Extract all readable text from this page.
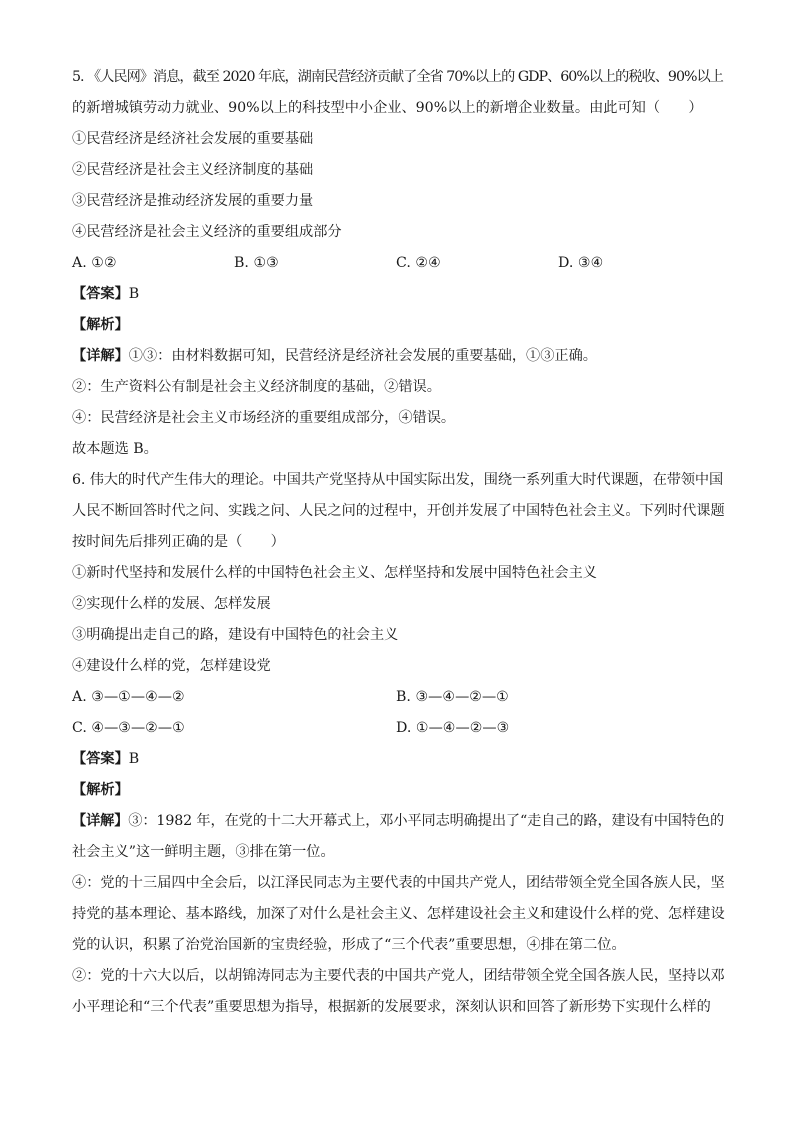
5. 《人民网》消息，截至 2020 年底，湖南民营经济贡献了全省 70%以上的 GDP、60%以上的税收、90%以上
的新增城镇劳动力就业、90%以上的科技型中小企业、90%以上的新增企业数量。由此可知（　　）
①民营经济是经济社会发展的重要基础
②民营经济是社会主义经济制度的基础
③民营经济是推动经济发展的重要力量
④民营经济是社会主义经济的重要组成部分
A. ①②	B. ①③	C. ②④	D. ③④
【答案】B
【解析】
【详解】①③：由材料数据可知，民营经济是经济社会发展的重要基础，①③正确。
②：生产资料公有制是社会主义经济制度的基础，②错误。
④：民营经济是社会主义市场经济的重要组成部分，④错误。
故本题选 B。
6. 伟大的时代产生伟大的理论。中国共产党坚持从中国实际出发，围绕一系列重大时代课题，在带领中国
人民不断回答时代之问、实践之问、人民之问的过程中，开创并发展了中国特色社会主义。下列时代课题
按时间先后排列正确的是（　　）
①新时代坚持和发展什么样的中国特色社会主义、怎样坚持和发展中国特色社会主义
②实现什么样的发展、怎样发展
③明确提出走自己的路，建设有中国特色的社会主义
④建设什么样的党，怎样建设党
A. ③—①—④—②	B. ③—④—②—①
C. ④—③—②—①	D. ①—④—②—③
【答案】B
【解析】
【详解】③：1982 年，在党的十二大开幕式上，邓小平同志明确提出了“走自己的路，建设有中国特色的
社会主义”这一鲜明主题，③排在第一位。
④：党的十三届四中全会后，以江泽民同志为主要代表的中国共产党人，团结带领全党全国各族人民，坚
持党的基本理论、基本路线，加深了对什么是社会主义、怎样建设社会主义和建设什么样的党、怎样建设
党的认识，积累了治党治国新的宝贵经验，形成了“三个代表”重要思想，④排在第二位。
②：党的十六大以后，以胡锦涛同志为主要代表的中国共产党人，团结带领全党全国各族人民，坚持以邓
小平理论和“三个代表”重要思想为指导，根据新的发展要求，深刻认识和回答了新形势下实现什么样的
